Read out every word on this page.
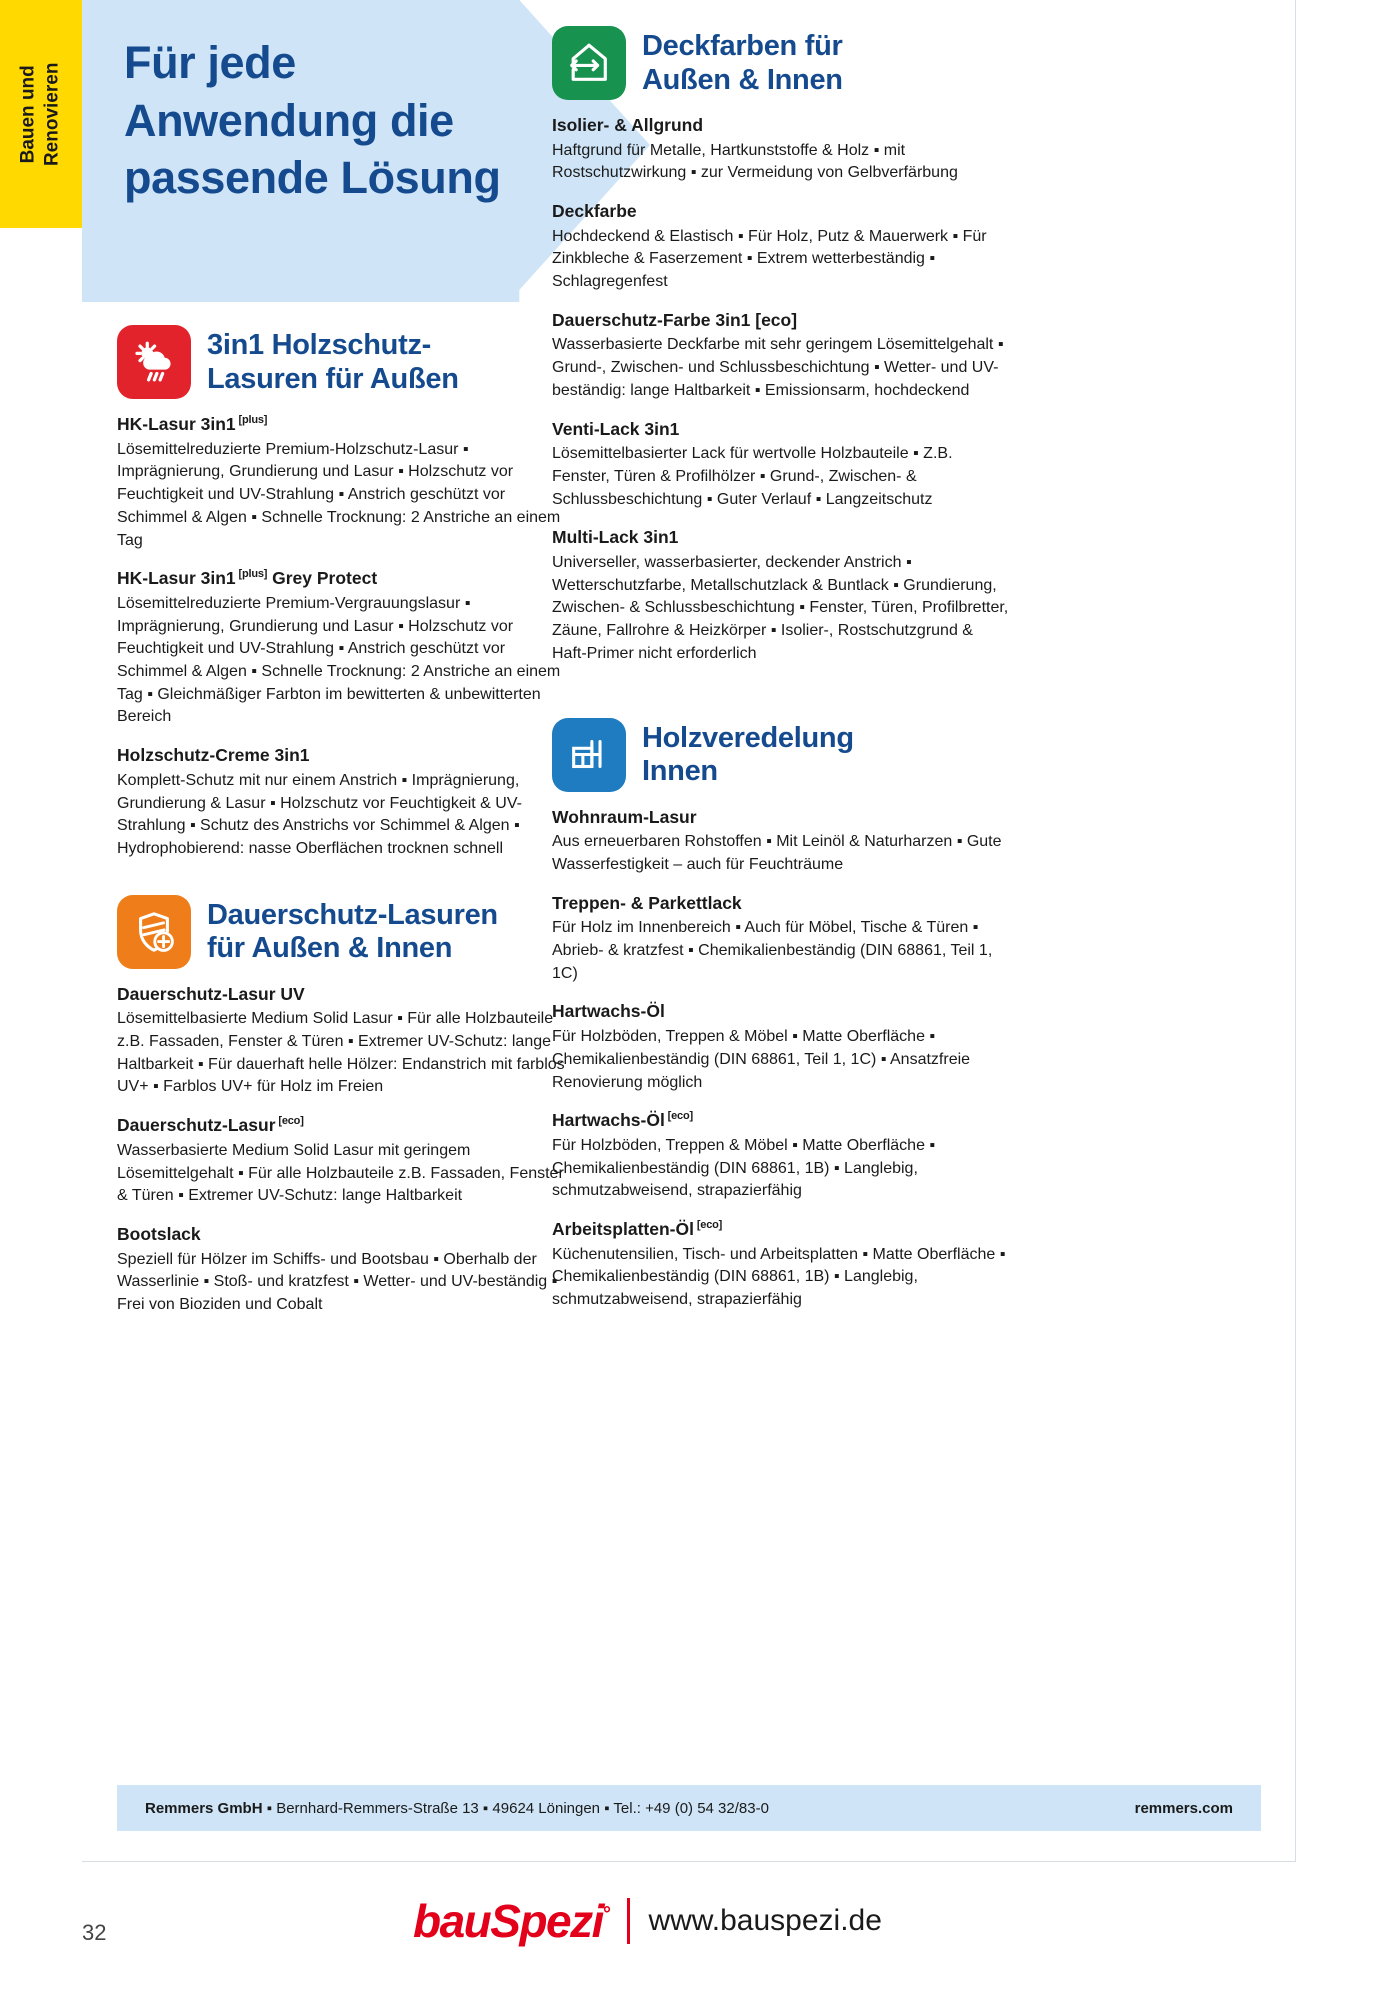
Bauen und Renovieren Für jede
Anwendung die
passende Lösung
3in1 Holzschutz-
Lasuren für Außen
HK-Lasur 3in1 [plus]
Lösemittelreduzierte Premium-Holzschutz-Lasur ▪ Imprägnierung, Grundierung und Lasur ▪ Holzschutz vor Feuchtigkeit und UV-Strahlung ▪ Anstrich geschützt vor Schimmel & Algen ▪ Schnelle Trocknung: 2 Anstriche an einem Tag
HK-Lasur 3in1 [plus] Grey Protect
Lösemittelreduzierte Premium-Vergrauungslasur ▪ Imprägnierung, Grundierung und Lasur ▪ Holzschutz vor Feuchtigkeit und UV-Strahlung ▪ Anstrich geschützt vor Schimmel & Algen ▪ Schnelle Trocknung: 2 Anstriche an einem Tag ▪ Gleichmäßiger Farbton im bewitterten & unbewitterten Bereich
Holzschutz-Creme 3in1
Komplett-Schutz mit nur einem Anstrich ▪ Imprägnierung, Grundierung & Lasur ▪ Holzschutz vor Feuchtigkeit & UV-Strahlung ▪ Schutz des Anstrichs vor Schimmel & Algen ▪ Hydrophobierend: nasse Oberflächen trocknen schnell
Dauerschutz-Lasuren
für Außen & Innen
Dauerschutz-Lasur UV
Lösemittelbasierte Medium Solid Lasur ▪ Für alle Holzbauteile z.B. Fassaden, Fenster & Türen ▪ Extremer UV-Schutz: lange Haltbarkeit ▪ Für dauerhaft helle Hölzer: Endanstrich mit farblos UV+ ▪ Farblos UV+ für Holz im Freien
Dauerschutz-Lasur [eco]
Wasserbasierte Medium Solid Lasur mit geringem Lösemittelgehalt ▪ Für alle Holzbauteile z.B. Fassaden, Fenster & Türen ▪ Extremer UV-Schutz: lange Haltbarkeit
Bootslack
Speziell für Hölzer im Schiffs- und Bootsbau ▪ Oberhalb der Wasserlinie ▪ Stoß- und kratzfest ▪ Wetter- und UV-beständig ▪ Frei von Bioziden und Cobalt
Deckfarben für
Außen & Innen
Isolier- & Allgrund
Haftgrund für Metalle, Hartkunststoffe & Holz ▪ mit Rostschutzwirkung ▪ zur Vermeidung von Gelbverfärbung
Deckfarbe
Hochdeckend & Elastisch ▪ Für Holz, Putz & Mauerwerk ▪ Für Zinkbleche & Faserzement ▪ Extrem wetterbeständig ▪ Schlagregenfest
Dauerschutz-Farbe 3in1 [eco]
Wasserbasierte Deckfarbe mit sehr geringem Lösemittelgehalt ▪ Grund-, Zwischen- und Schlussbeschichtung ▪ Wetter- und UV-beständig: lange Haltbarkeit ▪ Emissionsarm, hochdeckend
Venti-Lack 3in1
Lösemittelbasierter Lack für wertvolle Holzbauteile ▪ Z.B. Fenster, Türen & Profilhölzer ▪ Grund-, Zwischen- & Schlussbeschichtung ▪ Guter Verlauf ▪ Langzeitschutz
Multi-Lack 3in1
Universeller, wasserbasierter, deckender Anstrich ▪ Wetterschutzfarbe, Metallschutzlack & Buntlack ▪ Grundierung, Zwischen- & Schlussbeschichtung ▪ Fenster, Türen, Profilbretter, Zäune, Fallrohre & Heizkörper ▪ Isolier-, Rostschutzgrund & Haft-Primer nicht erforderlich
Holzveredelung
Innen
Wohnraum-Lasur
Aus erneuerbaren Rohstoffen ▪ Mit Leinöl & Naturharzen ▪ Gute Wasserfestigkeit – auch für Feuchträume
Treppen- & Parkettlack
Für Holz im Innenbereich ▪ Auch für Möbel, Tische & Türen ▪ Abrieb- & kratzfest ▪ Chemikalienbeständig (DIN 68861, Teil 1, 1C)
Hartwachs-Öl
Für Holzböden, Treppen & Möbel ▪ Matte Oberfläche ▪ Chemikalienbeständig (DIN 68861, Teil 1, 1C) ▪ Ansatzfreie Renovierung möglich
Hartwachs-Öl [eco]
Für Holzböden, Treppen & Möbel ▪ Matte Oberfläche ▪ Chemikalienbeständig (DIN 68861, 1B) ▪ Langlebig, schmutzabweisend, strapazierfähig
Arbeitsplatten-Öl [eco]
Küchenutensilien, Tisch- und Arbeitsplatten ▪ Matte Oberfläche ▪ Chemikalienbeständig (DIN 68861, 1B) ▪ Langlebig, schmutzabweisend, strapazierfähig
Remmers GmbH ▪ Bernhard-Remmers-Straße 13 ▪ 49624 Löningen ▪ Tel.: +49 (0) 54 32/83-0	remmers.com
32	bauSpezi° www.bauspezi.de
